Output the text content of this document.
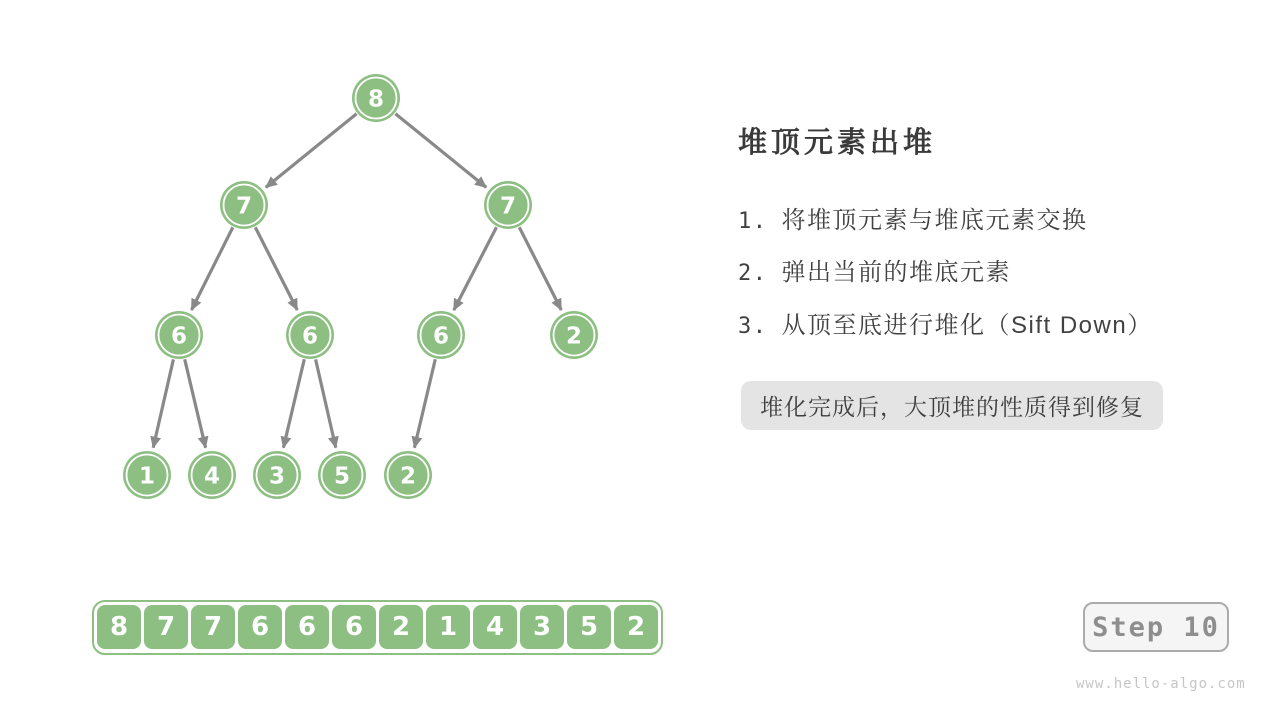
8
7	7
6	6	6	2
1 4 3 5 2
堆顶元素出堆
1. 将堆顶元素与堆底元素交换
2. 弹出当前的堆底元素
3. 从顶至底进行堆化（Sift Down）
堆化完成后，大顶堆的性质得到修复
8	7	7	6	6	6	2	1	4	3	5	2	Step 10
www.hello-algo.com
